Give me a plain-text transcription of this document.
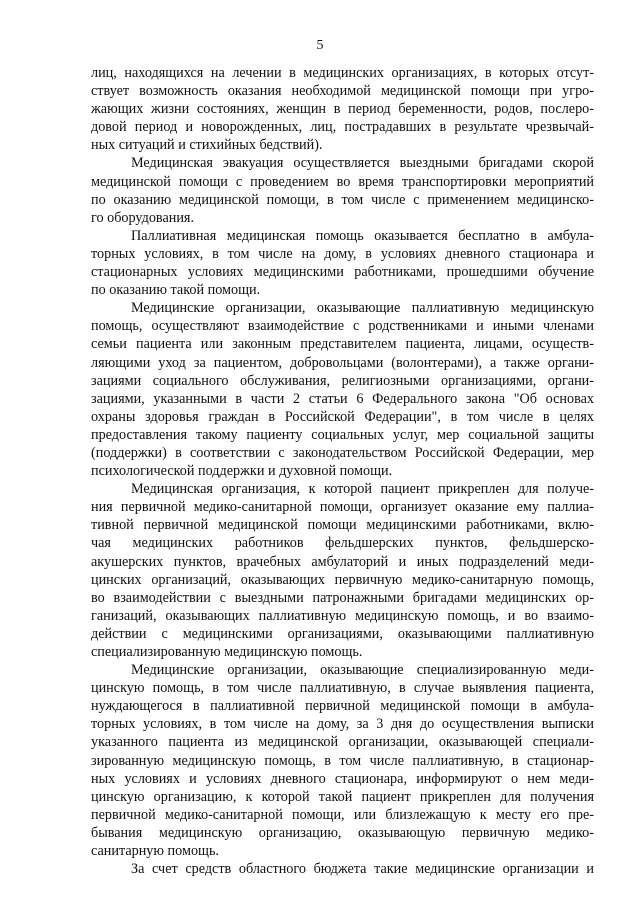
5
лиц, находящихся на лечении в медицинских организациях, в которых отсут-
ствует возможность оказания необходимой медицинской помощи при угро-
жающих жизни состояниях, женщин в период беременности, родов, послеро-
довой период и новорожденных, лиц, пострадавших в результате чрезвычай-
ных ситуаций и стихийных бедствий).
Медицинская эвакуация осуществляется выездными бригадами скорой
медицинской помощи с проведением во время транспортировки мероприятий
по оказанию медицинской помощи, в том числе с применением медицинско-
го оборудования.
Паллиативная медицинская помощь оказывается бесплатно в амбула-
торных условиях, в том числе на дому, в условиях дневного стационара и
стационарных условиях медицинскими работниками, прошедшими обучение
по оказанию такой помощи.
Медицинские организации, оказывающие паллиативную медицинскую
помощь, осуществляют взаимодействие с родственниками и иными членами
семьи пациента или законным представителем пациента, лицами, осуществ-
ляющими уход за пациентом, добровольцами (волонтерами), а также органи-
зациями социального обслуживания, религиозными организациями, органи-
зациями, указанными в части 2 статьи 6 Федерального закона "Об основах
охраны здоровья граждан в Российской Федерации", в том числе в целях
предоставления такому пациенту социальных услуг, мер социальной защиты
(поддержки) в соответствии с законодательством Российской Федерации, мер
психологической поддержки и духовной помощи.
Медицинская организация, к которой пациент прикреплен для получе-
ния первичной медико-санитарной помощи, организует оказание ему паллиа-
тивной первичной медицинской помощи медицинскими работниками, вклю-
чая медицинских работников фельдшерских пунктов, фельдшерско-
акушерских пунктов, врачебных амбулаторий и иных подразделений меди-
цинских организаций, оказывающих первичную медико-санитарную помощь,
во взаимодействии с выездными патронажными бригадами медицинских ор-
ганизаций, оказывающих паллиативную медицинскую помощь, и во взаимо-
действии с медицинскими организациями, оказывающими паллиативную
специализированную медицинскую помощь.
Медицинские организации, оказывающие специализированную меди-
цинскую помощь, в том числе паллиативную, в случае выявления пациента,
нуждающегося в паллиативной первичной медицинской помощи в амбула-
торных условиях, в том числе на дому, за 3 дня до осуществления выписки
указанного пациента из медицинской организации, оказывающей специали-
зированную медицинскую помощь, в том числе паллиативную, в стационар-
ных условиях и условиях дневного стационара, информируют о нем меди-
цинскую организацию, к которой такой пациент прикреплен для получения
первичной медико-санитарной помощи, или близлежащую к месту его пре-
бывания медицинскую организацию, оказывающую первичную медико-
санитарную помощь.
За счет средств областного бюджета такие медицинские организации и
